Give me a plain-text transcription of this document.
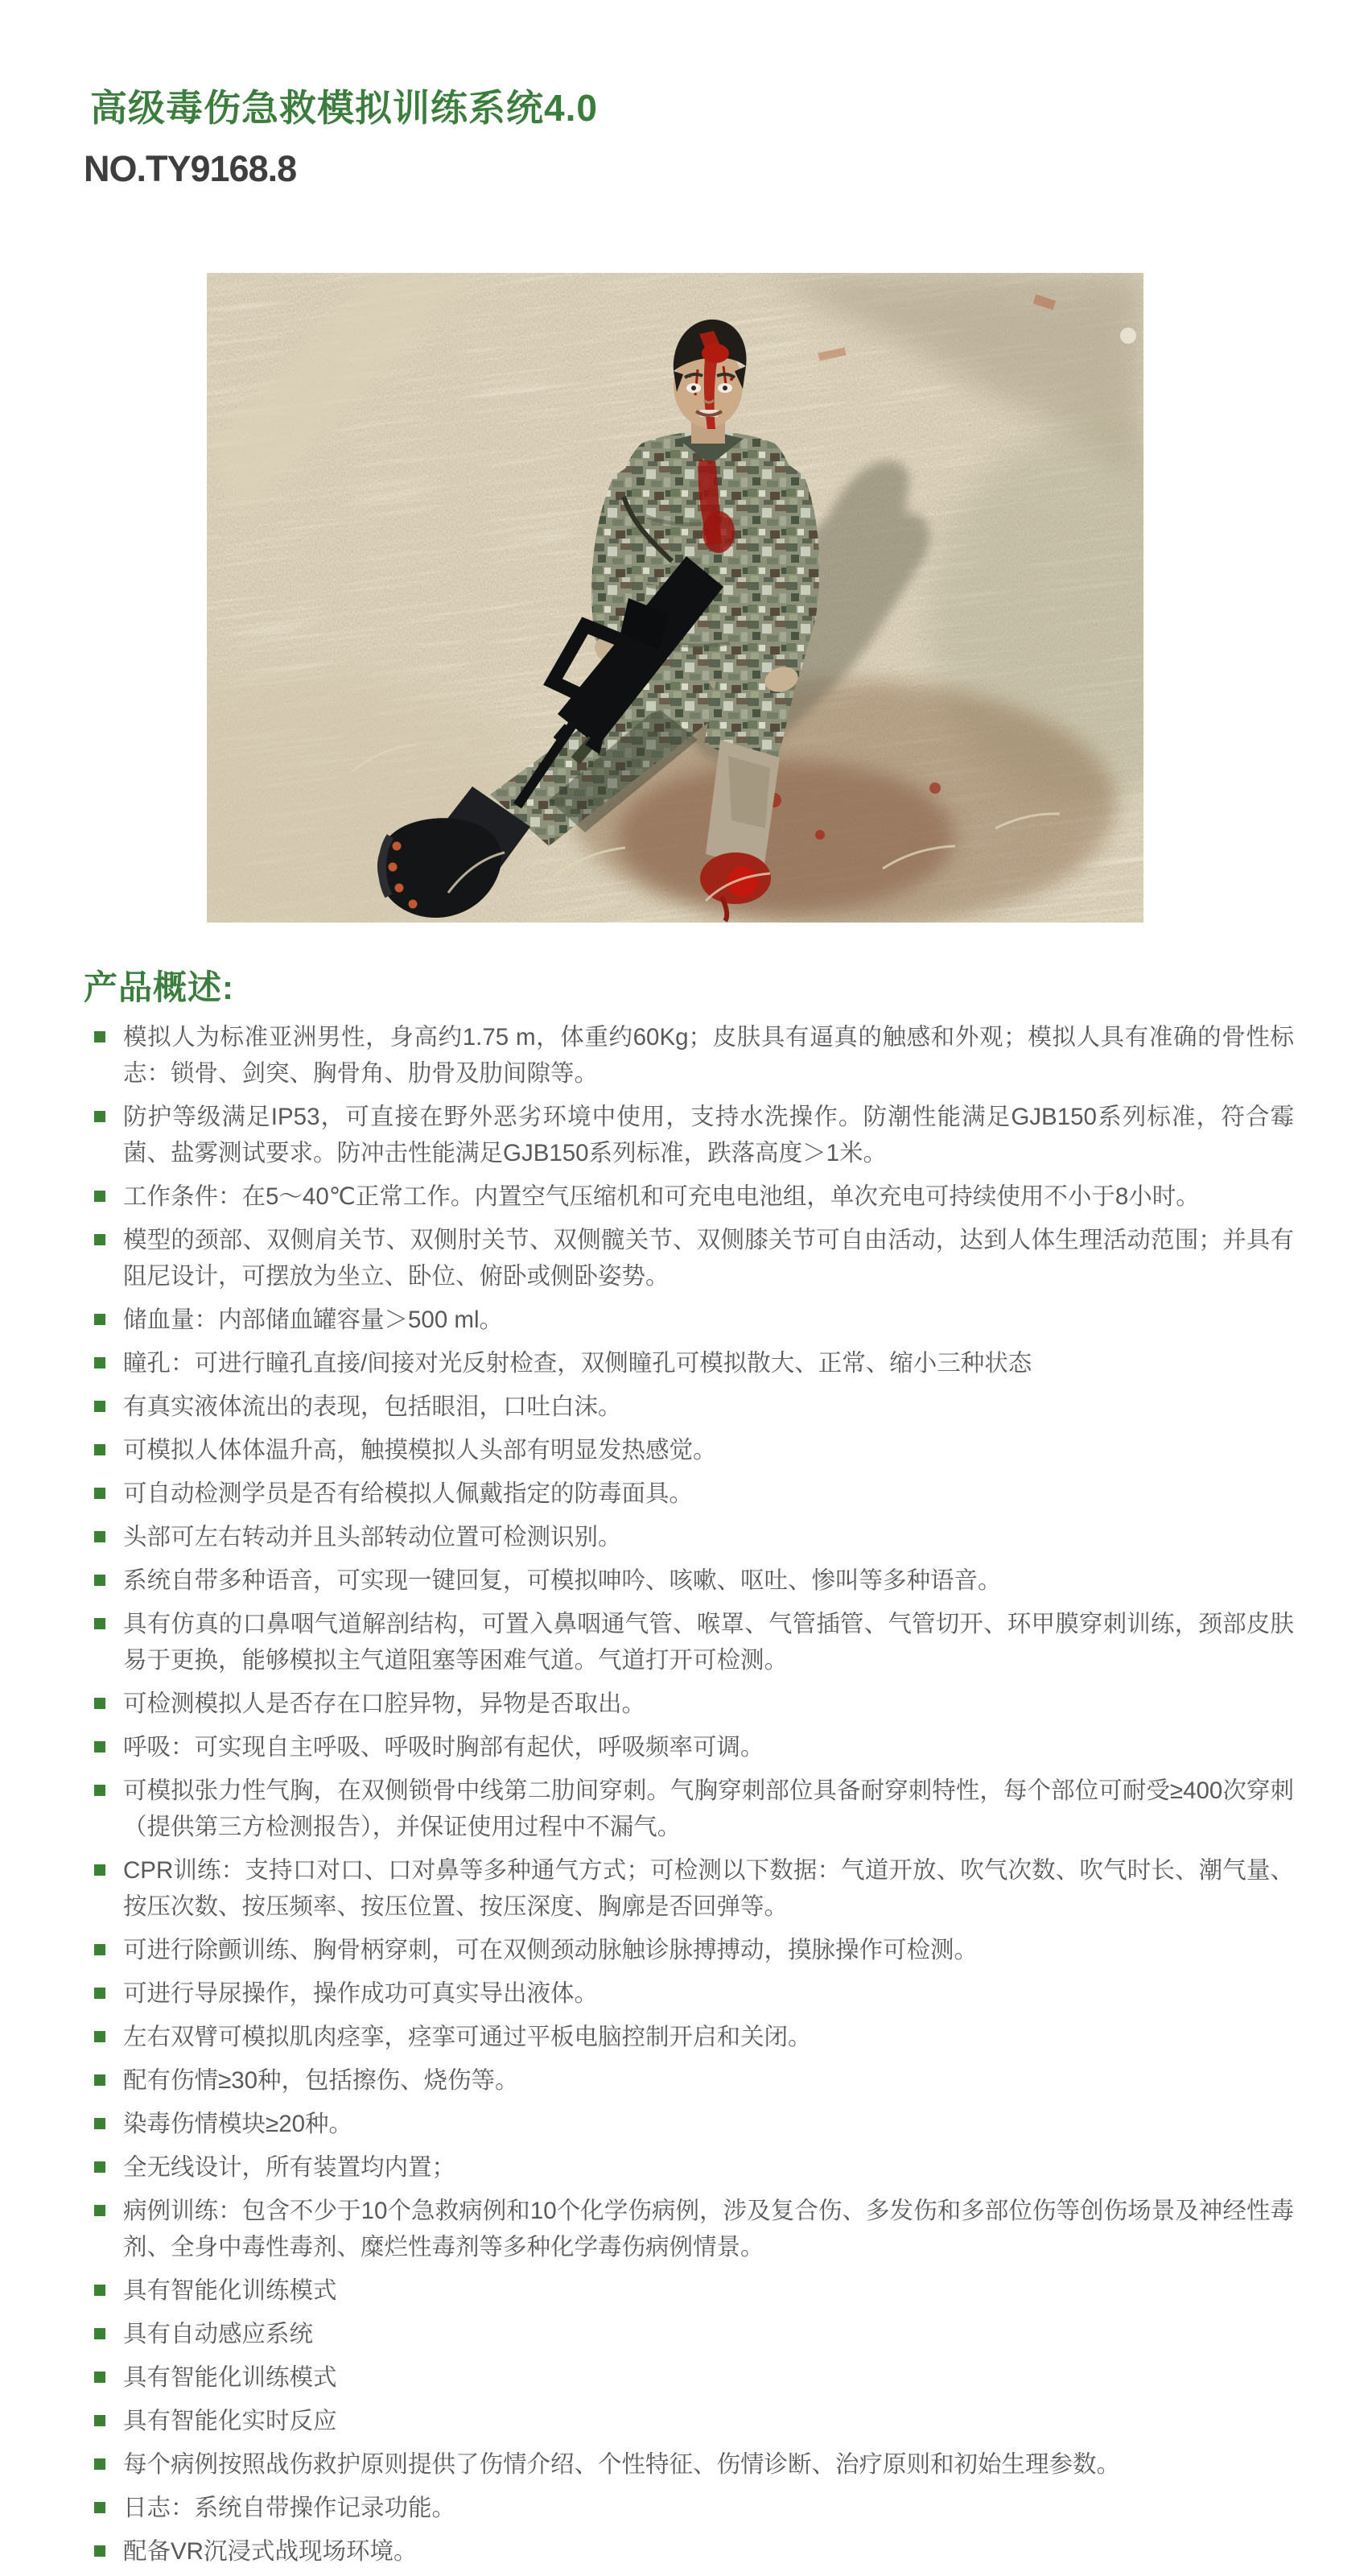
高级毒伤急救模拟训练系统4.0
NO.TY9168.8
产品概述:
模拟人为标准亚洲男性，身高约1.75 m，体重约60Kg；皮肤具有逼真的触感和外观；模拟人具有准确的骨性标志：锁骨、剑突、胸骨角、肋骨及肋间隙等。
防护等级满足IP53，可直接在野外恶劣环境中使用，支持水洗操作。防潮性能满足GJB150系列标准，符合霉菌、盐雾测试要求。防冲击性能满足GJB150系列标准，跌落高度＞1米。
工作条件：在5～40℃正常工作。内置空气压缩机和可充电电池组，单次充电可持续使用不小于8小时。
模型的颈部、双侧肩关节、双侧肘关节、双侧髋关节、双侧膝关节可自由活动，达到人体生理活动范围；并具有阻尼设计，可摆放为坐立、卧位、俯卧或侧卧姿势。
储血量：内部储血罐容量＞500 ml。
瞳孔：可进行瞳孔直接/间接对光反射检查，双侧瞳孔可模拟散大、正常、缩小三种状态
有真实液体流出的表现，包括眼泪，口吐白沫。
可模拟人体体温升高，触摸模拟人头部有明显发热感觉。
可自动检测学员是否有给模拟人佩戴指定的防毒面具。
头部可左右转动并且头部转动位置可检测识别。
系统自带多种语音，可实现一键回复，可模拟呻吟、咳嗽、呕吐、惨叫等多种语音。
具有仿真的口鼻咽气道解剖结构，可置入鼻咽通气管、喉罩、气管插管、气管切开、环甲膜穿刺训练，颈部皮肤易于更换，能够模拟主气道阻塞等困难气道。气道打开可检测。
可检测模拟人是否存在口腔异物，异物是否取出。
呼吸：可实现自主呼吸、呼吸时胸部有起伏，呼吸频率可调。
可模拟张力性气胸，在双侧锁骨中线第二肋间穿刺。气胸穿刺部位具备耐穿刺特性，每个部位可耐受≥400次穿刺（提供第三方检测报告），并保证使用过程中不漏气。
CPR训练：支持口对口、口对鼻等多种通气方式；可检测以下数据：气道开放、吹气次数、吹气时长、潮气量、按压次数、按压频率、按压位置、按压深度、胸廓是否回弹等。
可进行除颤训练、胸骨柄穿刺，可在双侧颈动脉触诊脉搏搏动，摸脉操作可检测。
可进行导尿操作，操作成功可真实导出液体。
左右双臂可模拟肌肉痉挛，痉挛可通过平板电脑控制开启和关闭。
配有伤情≥30种，包括擦伤、烧伤等。
染毒伤情模块≥20种。
全无线设计，所有装置均内置；
病例训练：包含不少于10个急救病例和10个化学伤病例，涉及复合伤、多发伤和多部位伤等创伤场景及神经性毒剂、全身中毒性毒剂、糜烂性毒剂等多种化学毒伤病例情景。
具有智能化训练模式
具有自动感应系统
具有智能化训练模式
具有智能化实时反应
每个病例按照战伤救护原则提供了伤情介绍、个性特征、伤情诊断、治疗原则和初始生理参数。
日志：系统自带操作记录功能。
配备VR沉浸式战现场环境。
